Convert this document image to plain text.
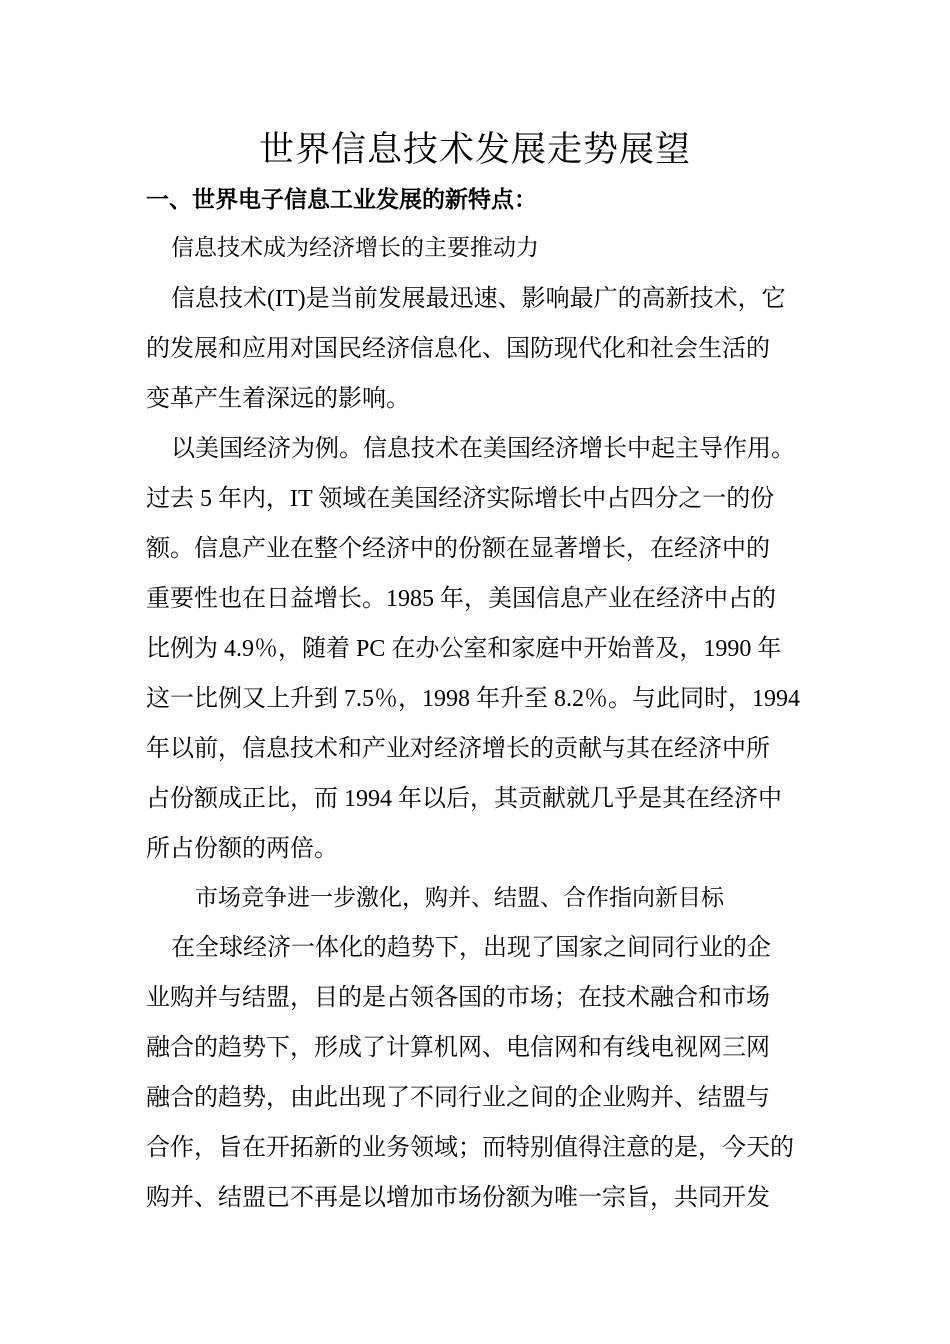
世界信息技术发展走势展望
一、世界电子信息工业发展的新特点：
信息技术成为经济增长的主要推动力
信息技术(IT)是当前发展最迅速、影响最广的高新技术，它
的发展和应用对国民经济信息化、国防现代化和社会生活的
变革产生着深远的影响。
以美国经济为例。信息技术在美国经济增长中起主导作用。
过去 5 年内，IT 领域在美国经济实际增长中占四分之一的份
额。信息产业在整个经济中的份额在显著增长，在经济中的
重要性也在日益增长。1985 年，美国信息产业在经济中占的
比例为 4.9％，随着 PC 在办公室和家庭中开始普及，1990 年
这一比例又上升到 7.5％，1998 年升至 8.2％。与此同时，1994
年以前，信息技术和产业对经济增长的贡献与其在经济中所
占份额成正比，而 1994 年以后，其贡献就几乎是其在经济中
所占份额的两倍。
市场竞争进一步激化，购并、结盟、合作指向新目标
在全球经济一体化的趋势下，出现了国家之间同行业的企
业购并与结盟，目的是占领各国的市场；在技术融合和市场
融合的趋势下，形成了计算机网、电信网和有线电视网三网
融合的趋势，由此出现了不同行业之间的企业购并、结盟与
合作，旨在开拓新的业务领域；而特别值得注意的是，今天的
购并、结盟已不再是以增加市场份额为唯一宗旨，共同开发
